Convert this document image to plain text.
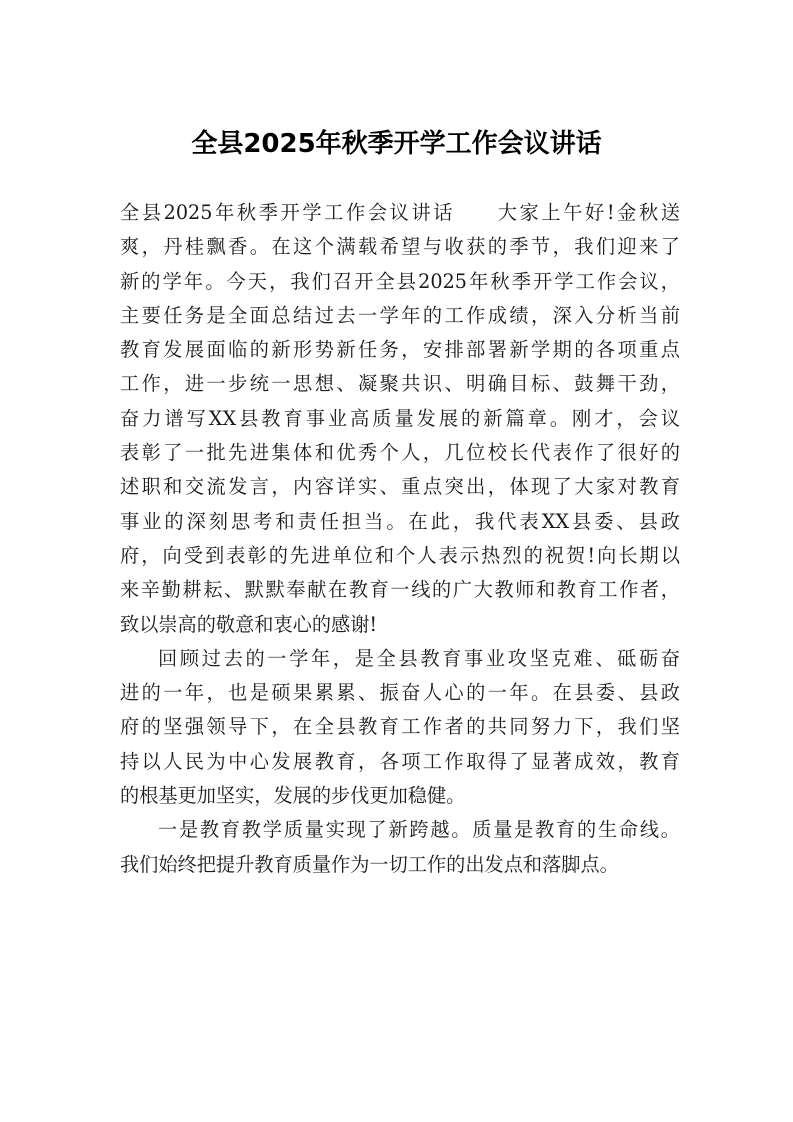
全县2025年秋季开学工作会议讲话
全县2025年秋季开学工作会议讲话 大家上午好!金秋送
爽，丹桂飘香。在这个满载希望与收获的季节，我们迎来了
新的学年。今天，我们召开全县2025年秋季开学工作会议，
主要任务是全面总结过去一学年的工作成绩，深入分析当前
教育发展面临的新形势新任务，安排部署新学期的各项重点
工作，进一步统一思想、凝聚共识、明确目标、鼓舞干劲，
奋力谱写XX县教育事业高质量发展的新篇章。刚才，会议
表彰了一批先进集体和优秀个人，几位校长代表作了很好的
述职和交流发言，内容详实、重点突出，体现了大家对教育
事业的深刻思考和责任担当。在此，我代表XX县委、县政
府，向受到表彰的先进单位和个人表示热烈的祝贺!向长期以
来辛勤耕耘、默默奉献在教育一线的广大教师和教育工作者，
致以崇高的敬意和衷心的感谢!
回顾过去的一学年，是全县教育事业攻坚克难、砥砺奋
进的一年，也是硕果累累、振奋人心的一年。在县委、县政
府的坚强领导下，在全县教育工作者的共同努力下，我们坚
持以人民为中心发展教育，各项工作取得了显著成效，教育
的根基更加坚实，发展的步伐更加稳健。
一是教育教学质量实现了新跨越。质量是教育的生命线。
我们始终把提升教育质量作为一切工作的出发点和落脚点。
